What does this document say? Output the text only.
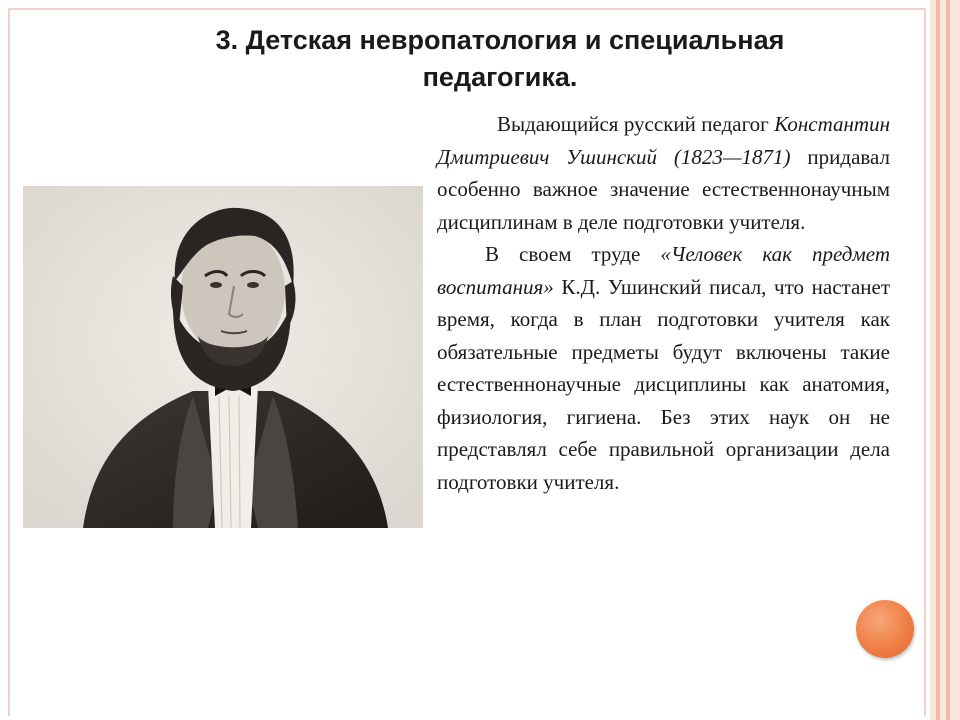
3. Детская невропатология и специальная
педагогика.

Выдающийся русский педагог Константин Дмитриевич Ушинский (1823—1871) придавал особенно важное значение естественнонаучным дисциплинам в деле подготовки учителя.

В своем труде «Человек как предмет воспитания» К.Д. Ушинский писал, что настанет время, когда в план подготовки учителя как обязательные предметы будут включены такие естественнонаучные дисциплины как анатомия, физиология, гигиена. Без этих наук он не представлял себе правильной организации дела подготовки учителя.
